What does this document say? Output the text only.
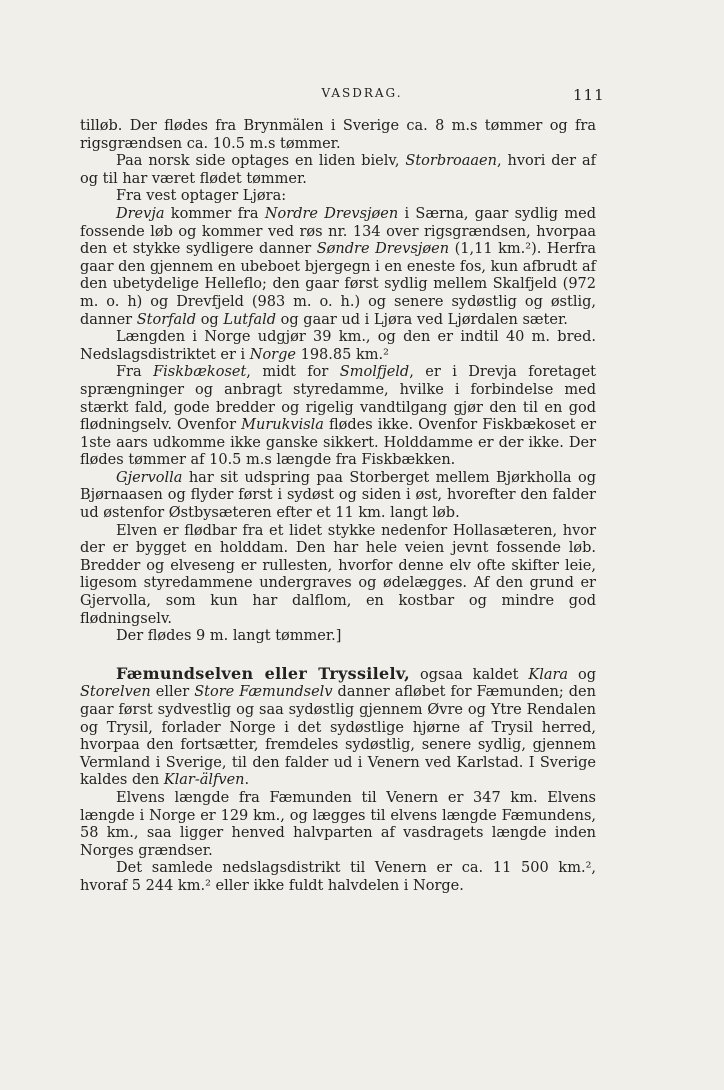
VASDRAG.	111

tilløb. Der flødes fra Brynmälen i Sverige ca. 8 m.s tømmer og fra rigsgrændsen ca. 10.5 m.s tømmer.

Paa norsk side optages en liden bielv, Storbroaaen, hvori der af og til har været flødet tømmer.

Fra vest optager Ljøra:

Drevja kommer fra Nordre Drevsjøen i Særna, gaar sydlig med fossende løb og kommer ved røs nr. 134 over rigsgrændsen, hvorpaa den et stykke sydligere danner Søndre Drevsjøen (1,11 km.²). Herfra gaar den gjennem en ubeboet bjergegn i en eneste fos, kun afbrudt af den ubetydelige Helleflo; den gaar først sydlig mellem Skalfjeld (972 m. o. h) og Drevfjeld (983 m. o. h.) og senere sydøstlig og østlig, danner Storfald og Lutfald og gaar ud i Ljøra ved Ljørdalen sæter.

Længden i Norge udgjør 39 km., og den er indtil 40 m. bred. Nedslagsdistriktet er i Norge 198.85 km.²

Fra Fiskbækoset, midt for Smolfjeld, er i Drevja foretaget sprængninger og anbragt styredamme, hvilke i forbindelse med stærkt fald, gode bredder og rigelig vandtilgang gjør den til en god flødningselv. Ovenfor Murukvisla flødes ikke. Ovenfor Fiskbækoset er 1ste aars udkomme ikke ganske sikkert. Holddamme er der ikke. Der flødes tømmer af 10.5 m.s længde fra Fiskbækken.

Gjervolla har sit udspring paa Storberget mellem Bjørkholla og Bjørnaasen og flyder først i sydøst og siden i øst, hvorefter den falder ud østenfor Østbysæteren efter et 11 km. langt løb.

Elven er flødbar fra et lidet stykke nedenfor Hollasæteren, hvor der er bygget en holddam. Den har hele veien jevnt fossende løb. Bredder og elveseng er rullesten, hvorfor denne elv ofte skifter leie, ligesom styredammene undergraves og ødelægges. Af den grund er Gjervolla, som kun har dalflom, en kostbar og mindre god flødningselv.

Der flødes 9 m. langt tømmer.]

Fæmundselven eller Tryssilelv, ogsaa kaldet Klara og Storelven eller Store Fæmundselv danner afløbet for Fæmunden; den gaar først sydvestlig og saa sydøstlig gjennem Øvre og Ytre Rendalen og Trysil, forlader Norge i det sydøstlige hjørne af Trysil herred, hvorpaa den fortsætter, fremdeles sydøstlig, senere sydlig, gjennem Vermland i Sverige, til den falder ud i Venern ved Karlstad. I Sverige kaldes den Klar-älfven.

Elvens længde fra Fæmunden til Venern er 347 km. Elvens længde i Norge er 129 km., og lægges til elvens længde Fæmundens, 58 km., saa ligger henved halvparten af vasdragets længde inden Norges grændser.

Det samlede nedslagsdistrikt til Venern er ca. 11 500 km.², hvoraf 5 244 km.² eller ikke fuldt halvdelen i Norge.
